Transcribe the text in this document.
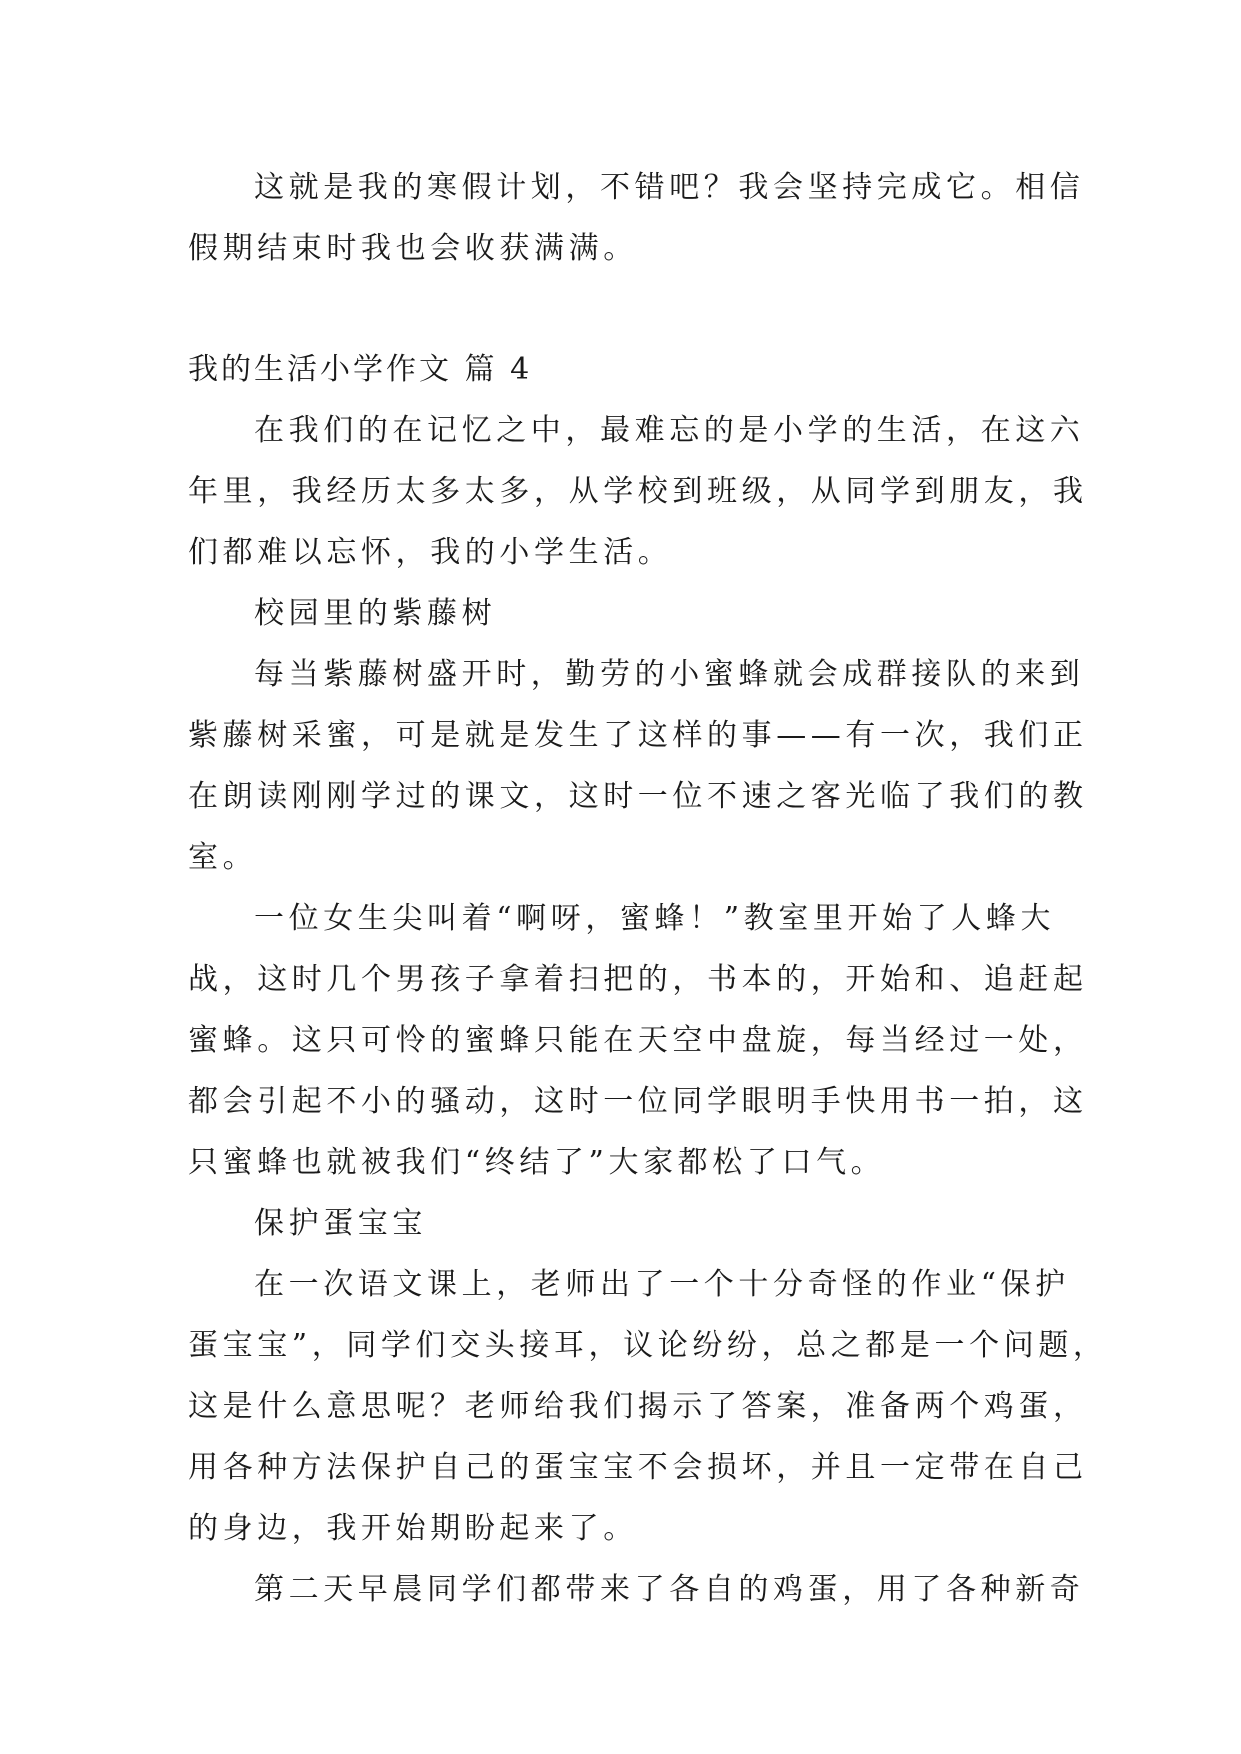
这就是我的寒假计划，不错吧？我会坚持完成它。相信
假期结束时我也会收获满满。
我的生活小学作文 篇 4
在我们的在记忆之中，最难忘的是小学的生活，在这六
年里，我经历太多太多，从学校到班级，从同学到朋友，我
们都难以忘怀，我的小学生活。
校园里的紫藤树
每当紫藤树盛开时，勤劳的小蜜蜂就会成群接队的来到
紫藤树采蜜，可是就是发生了这样的事——有一次，我们正
在朗读刚刚学过的课文，这时一位不速之客光临了我们的教
室。
一位女生尖叫着“啊呀，蜜蜂！”教室里开始了人蜂大
战，这时几个男孩子拿着扫把的，书本的，开始和、追赶起
蜜蜂。这只可怜的蜜蜂只能在天空中盘旋，每当经过一处，
都会引起不小的骚动，这时一位同学眼明手快用书一拍，这
只蜜蜂也就被我们“终结了”大家都松了口气。
保护蛋宝宝
在一次语文课上，老师出了一个十分奇怪的作业“保护
蛋宝宝”，同学们交头接耳，议论纷纷，总之都是一个问题，
这是什么意思呢？老师给我们揭示了答案，准备两个鸡蛋，
用各种方法保护自己的蛋宝宝不会损坏，并且一定带在自己
的身边，我开始期盼起来了。
第二天早晨同学们都带来了各自的鸡蛋，用了各种新奇
